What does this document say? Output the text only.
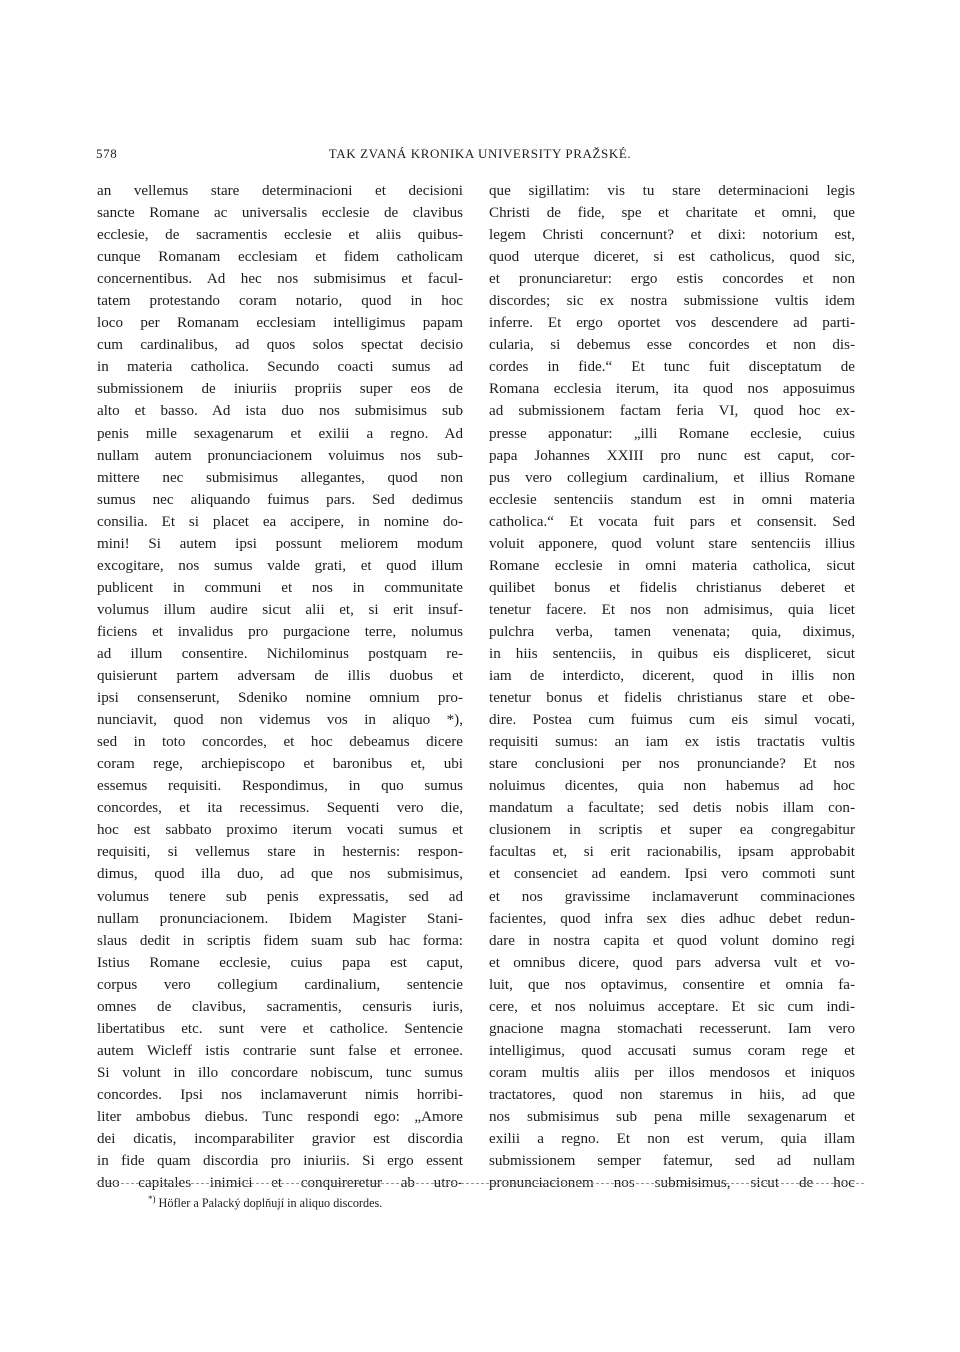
578	TAK ZVANÁ KRONIKA UNIVERSITY PRAŽSKÉ.
an vellemus stare determinacioni et decisioni
sancte Romane ac universalis ecclesie de clavibus
ecclesie, de sacramentis ecclesie et aliis quibus-
cunque Romanam ecclesiam et fidem catholicam
concernentibus. Ad hec nos submisimus et facul-
tatem protestando coram notario, quod in hoc
loco per Romanam ecclesiam intelligimus papam
cum cardinalibus, ad quos solos spectat decisio
in materia catholica. Secundo coacti sumus ad
submissionem de iniuriis propriis super eos de
alto et basso. Ad ista duo nos submisimus sub
penis mille sexagenarum et exilii a regno. Ad
nullam autem pronunciacionem voluimus nos sub-
mittere nec submisimus allegantes, quod non
sumus nec aliquando fuimus pars. Sed dedimus
consilia. Et si placet ea accipere, in nomine do-
mini! Si autem ipsi possunt meliorem modum
excogitare, nos sumus valde grati, et quod illum
publicent in communi et nos in communitate
volumus illum audire sicut alii et, si erit insuf-
ficiens et invalidus pro purgacione terre, nolumus
ad illum consentire. Nichilominus postquam re-
quisierunt partem adversam de illis duobus et
ipsi consenserunt, Sdeniko nomine omnium pro-
nunciavit, quod non videmus vos in aliquo *),
sed in toto concordes, et hoc debeamus dicere
coram rege, archiepiscopo et baronibus et, ubi
essemus requisiti. Respondimus, in quo sumus
concordes, et ita recessimus. Sequenti vero die,
hoc est sabbato proximo iterum vocati sumus et
requisiti, si vellemus stare in hesternis: respon-
dimus, quod illa duo, ad que nos submisimus,
volumus tenere sub penis expressatis, sed ad
nullam pronunciacionem. Ibidem Magister Stani-
slaus dedit in scriptis fidem suam sub hac forma:
Istius Romane ecclesie, cuius papa est caput,
corpus vero collegium cardinalium, sentencie
omnes de clavibus, sacramentis, censuris iuris,
libertatibus etc. sunt vere et catholice. Sentencie
autem Wicleff istis contrarie sunt false et erronee.
Si volunt in illo concordare nobiscum, tunc sumus
concordes. Ipsi nos inclamaverunt nimis horribi-
liter ambobus diebus. Tunc respondi ego: „Amore
dei dicatis, incomparabiliter gravior est discordia
in fide quam discordia pro iniuriis. Si ergo essent
duo capitales inimici et conquireretur ab utro-
que sigillatim: vis tu stare determinacioni legis
Christi de fide, spe et charitate et omni, que
legem Christi concernunt? et dixi: notorium est,
quod uterque diceret, si est catholicus, quod sic,
et pronunciaretur: ergo estis concordes et non
discordes; sic ex nostra submissione vultis idem
inferre. Et ergo oportet vos descendere ad parti-
cularia, si debemus esse concordes et non dis-
cordes in fide.“ Et tunc fuit disceptatum de
Romana ecclesia iterum, ita quod nos apposuimus
ad submissionem factam feria VI, quod hoc ex-
presse apponatur: „illi Romane ecclesie, cuius
papa Johannes XXIII pro nunc est caput, cor-
pus vero collegium cardinalium, et illius Romane
ecclesie sentenciis standum est in omni materia
catholica.“ Et vocata fuit pars et consensit. Sed
voluit apponere, quod volunt stare sentenciis illius
Romane ecclesie in omni materia catholica, sicut
quilibet bonus et fidelis christianus deberet et
tenetur facere. Et nos non admisimus, quia licet
pulchra verba, tamen venenata; quia, diximus,
in hiis sentenciis, in quibus eis displiceret, sicut
iam de interdicto, dicerent, quod in illis non
tenetur bonus et fidelis christianus stare et obe-
dire. Postea cum fuimus cum eis simul vocati,
requisiti sumus: an iam ex istis tractatis vultis
stare conclusioni per nos pronunciande? Et nos
noluimus dicentes, quia non habemus ad hoc
mandatum a facultate; sed detis nobis illam con-
clusionem in scriptis et super ea congregabitur
facultas et, si erit racionabilis, ipsam approbabit
et consenciet ad eandem. Ipsi vero commoti sunt
et nos gravissime inclamaverunt comminaciones
facientes, quod infra sex dies adhuc debet redun-
dare in nostra capita et quod volunt domino regi
et omnibus dicere, quod pars adversa vult et vo-
luit, que nos optavimus, consentire et omnia fa-
cere, et nos noluimus acceptare. Et sic cum indi-
gnacione magna stomachati recesserunt. Iam vero
intelligimus, quod accusati sumus coram rege et
coram multis aliis per illos mendosos et iniquos
tractatores, quod non staremus in hiis, ad que
nos submisimus sub pena mille sexagenarum et
exilii a regno. Et non est verum, quia illam
submissionem semper fatemur, sed ad nullam
pronunciacionem nos submisimus, sicut de hoc
*) Höfler a Palacký doplňují in aliquo discordes.
